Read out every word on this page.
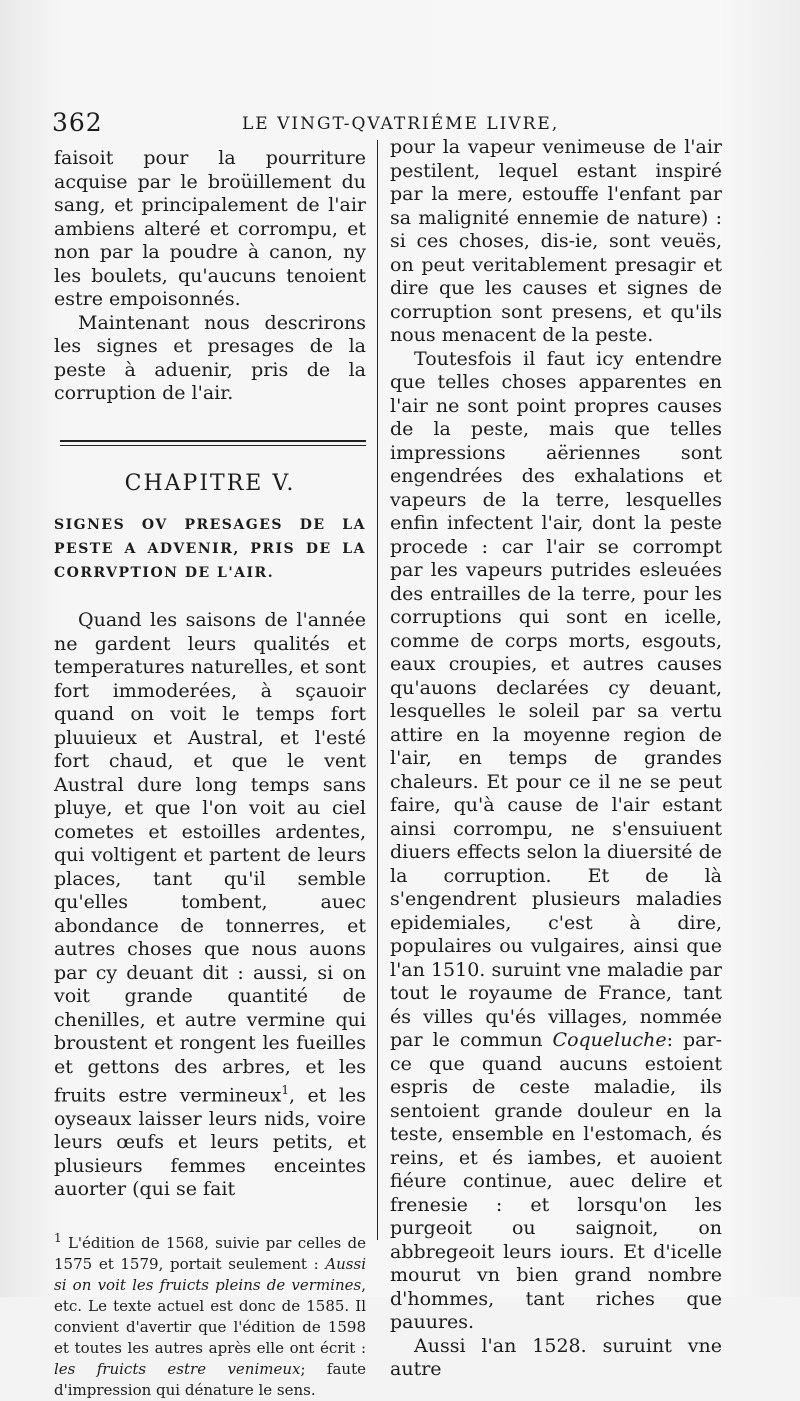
362	LE VINGT-QVATRIÉME LIVRE,

faisoit pour la pourriture acquise par le broüillement du sang, et principalement de l'air ambiens alteré et corrompu, et non par la poudre à canon, ny les boulets, qu'aucuns tenoient estre empoisonnés.

Maintenant nous descrirons les signes et presages de la peste à aduenir, pris de la corruption de l'air.

CHAPITRE V.
SIGNES OV PRESAGES DE LA PESTE A ADVENIR, PRIS DE LA CORRVPTION DE L'AIR.

Quand les saisons de l'année ne gardent leurs qualités et temperatures naturelles, et sont fort immoderées, à sçauoir quand on voit le temps fort pluuieux et Austral, et l'esté fort chaud, et que le vent Austral dure long temps sans pluye, et que l'on voit au ciel cometes et estoilles ardentes, qui voltigent et partent de leurs places, tant qu'il semble qu'elles tombent, auec abondance de tonnerres, et autres choses que nous auons par cy deuant dit : aussi, si on voit grande quantité de chenilles, et autre vermine qui broustent et rongent les fueilles et gettons des arbres, et les fruits estre vermineux$^1$, et les oyseaux laisser leurs nids, voire leurs œufs et leurs petits, et plusieurs femmes enceintes auorter (qui se fait

$^1$ L'édition de 1568, suivie par celles de 1575 et 1579, portait seulement : Aussi si on voit les fruicts pleins de vermines, etc. Le texte actuel est donc de 1585. Il convient d'avertir que l'édition de 1598 et toutes les autres après elle ont écrit : les fruicts estre venimeux; faute d'impression qui dénature le sens.

pour la vapeur venimeuse de l'air pestilent, lequel estant inspiré par la mere, estouffe l'enfant par sa malignité ennemie de nature) : si ces choses, dis-ie, sont veuës, on peut veritablement presagir et dire que les causes et signes de corruption sont presens, et qu'ils nous menacent de la peste.

Toutesfois il faut icy entendre que telles choses apparentes en l'air ne sont point propres causes de la peste, mais que telles impressions aëriennes sont engendrées des exhalations et vapeurs de la terre, lesquelles enfin infectent l'air, dont la peste procede : car l'air se corrompt par les vapeurs putrides esleuées des entrailles de la terre, pour les corruptions qui sont en icelle, comme de corps morts, esgouts, eaux croupies, et autres causes qu'auons declarées cy deuant, lesquelles le soleil par sa vertu attire en la moyenne region de l'air, en temps de grandes chaleurs. Et pour ce il ne se peut faire, qu'à cause de l'air estant ainsi corrompu, ne s'ensuiuent diuers effects selon la diuersité de la corruption. Et de là s'engendrent plusieurs maladies epidemiales, c'est à dire, populaires ou vulgaires, ainsi que l'an 1510. suruint vne maladie par tout le royaume de France, tant és villes qu'és villages, nommée par le commun Coqueluche: par-ce que quand aucuns estoient espris de ceste maladie, ils sentoient grande douleur en la teste, ensemble en l'estomach, és reins, et és iambes, et auoient fiéure continue, auec delire et frenesie : et lorsqu'on les purgeoit ou saignoit, on abbregeoit leurs iours. Et d'icelle mourut vn bien grand nombre d'hommes, tant riches que pauures.

Aussi l'an 1528. suruint vne autre
